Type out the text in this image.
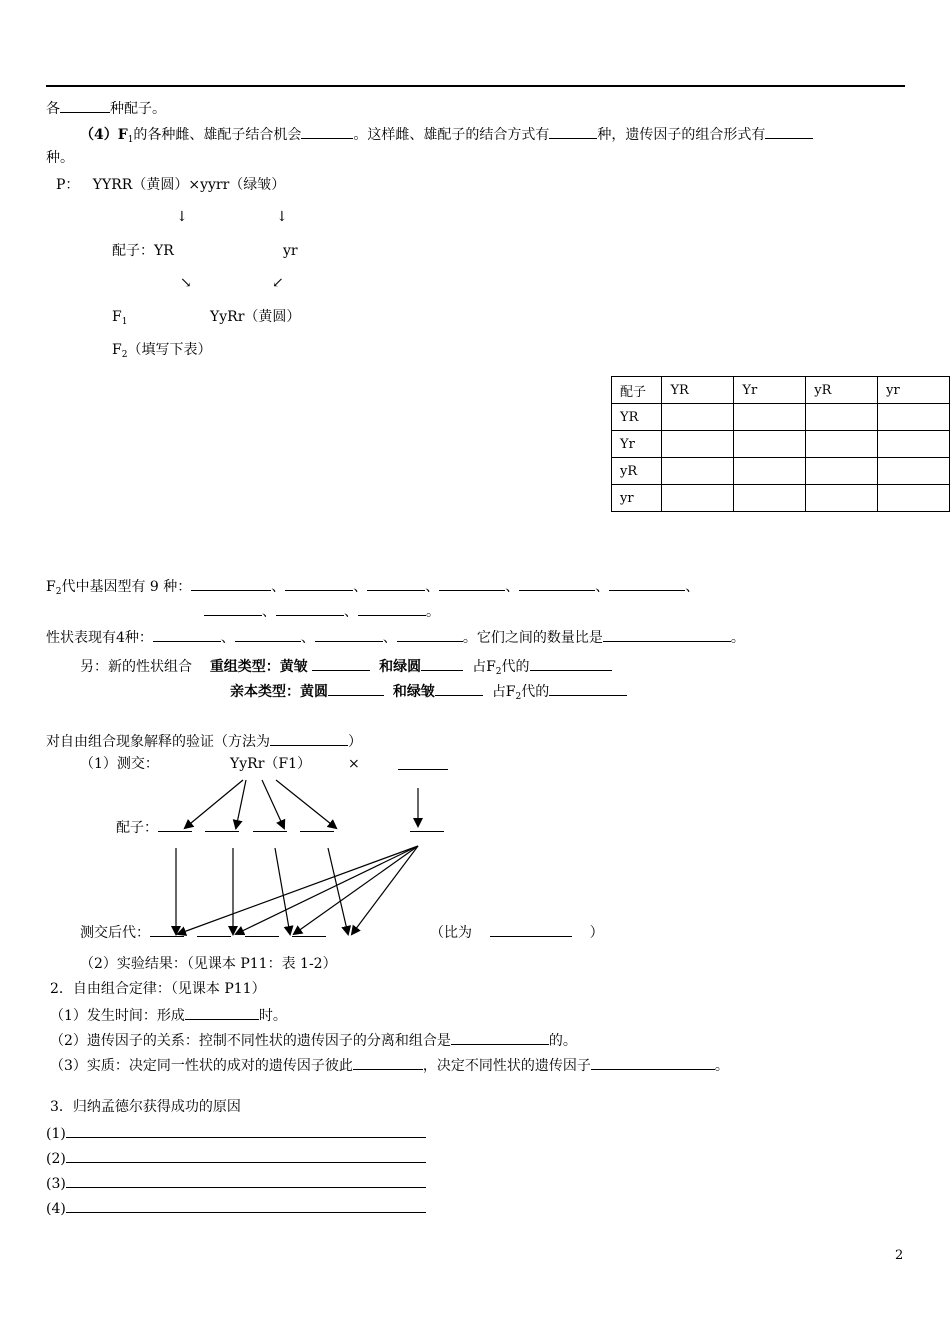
各	种配子。
$(4)F_1$的各种雌、雄配子结合机会	。这样雌、雄配子的结合方式有	种，遗传因子的组合形式有
种。
P： YYRR（黄圆）×yyrr（绿皱）
↓	↓
配子：YR	yr
↘	↙
$F_1$	YyRr（黄圆）
$F_2$（填写下表）
配子	YR	Yr	yR	yr
YR				
Yr				
yR				
yr				
$F_2$代中基因型有 9 种：	、	、	、	、	、	、
、	、	。
性状表现有4种：	、	、	、	。它们之间的数量比是	。
另：新的性状组合 重组类型：黄皱	和绿圆	占$F_2$代的
亲本类型：黄圆	和绿皱	占$F_2$代的
对自由组合现象解释的验证（方法为	）
（1）测交：	YyRr（F1）	×
配子：
测交后代：	（比为	）
（2）实验结果：（见课本 P11：表 1-2）
2．自由组合定律：（见课本 P11）
（1）发生时间：形成	时。
（2）遗传因子的关系：控制不同性状的遗传因子的分离和组合是	的。
（3）实质：决定同一性状的成对的遗传因子彼此	，决定不同性状的遗传因子	。
3．归纳孟德尔获得成功的原因
(1)
(2)
(3)
(4)
2
